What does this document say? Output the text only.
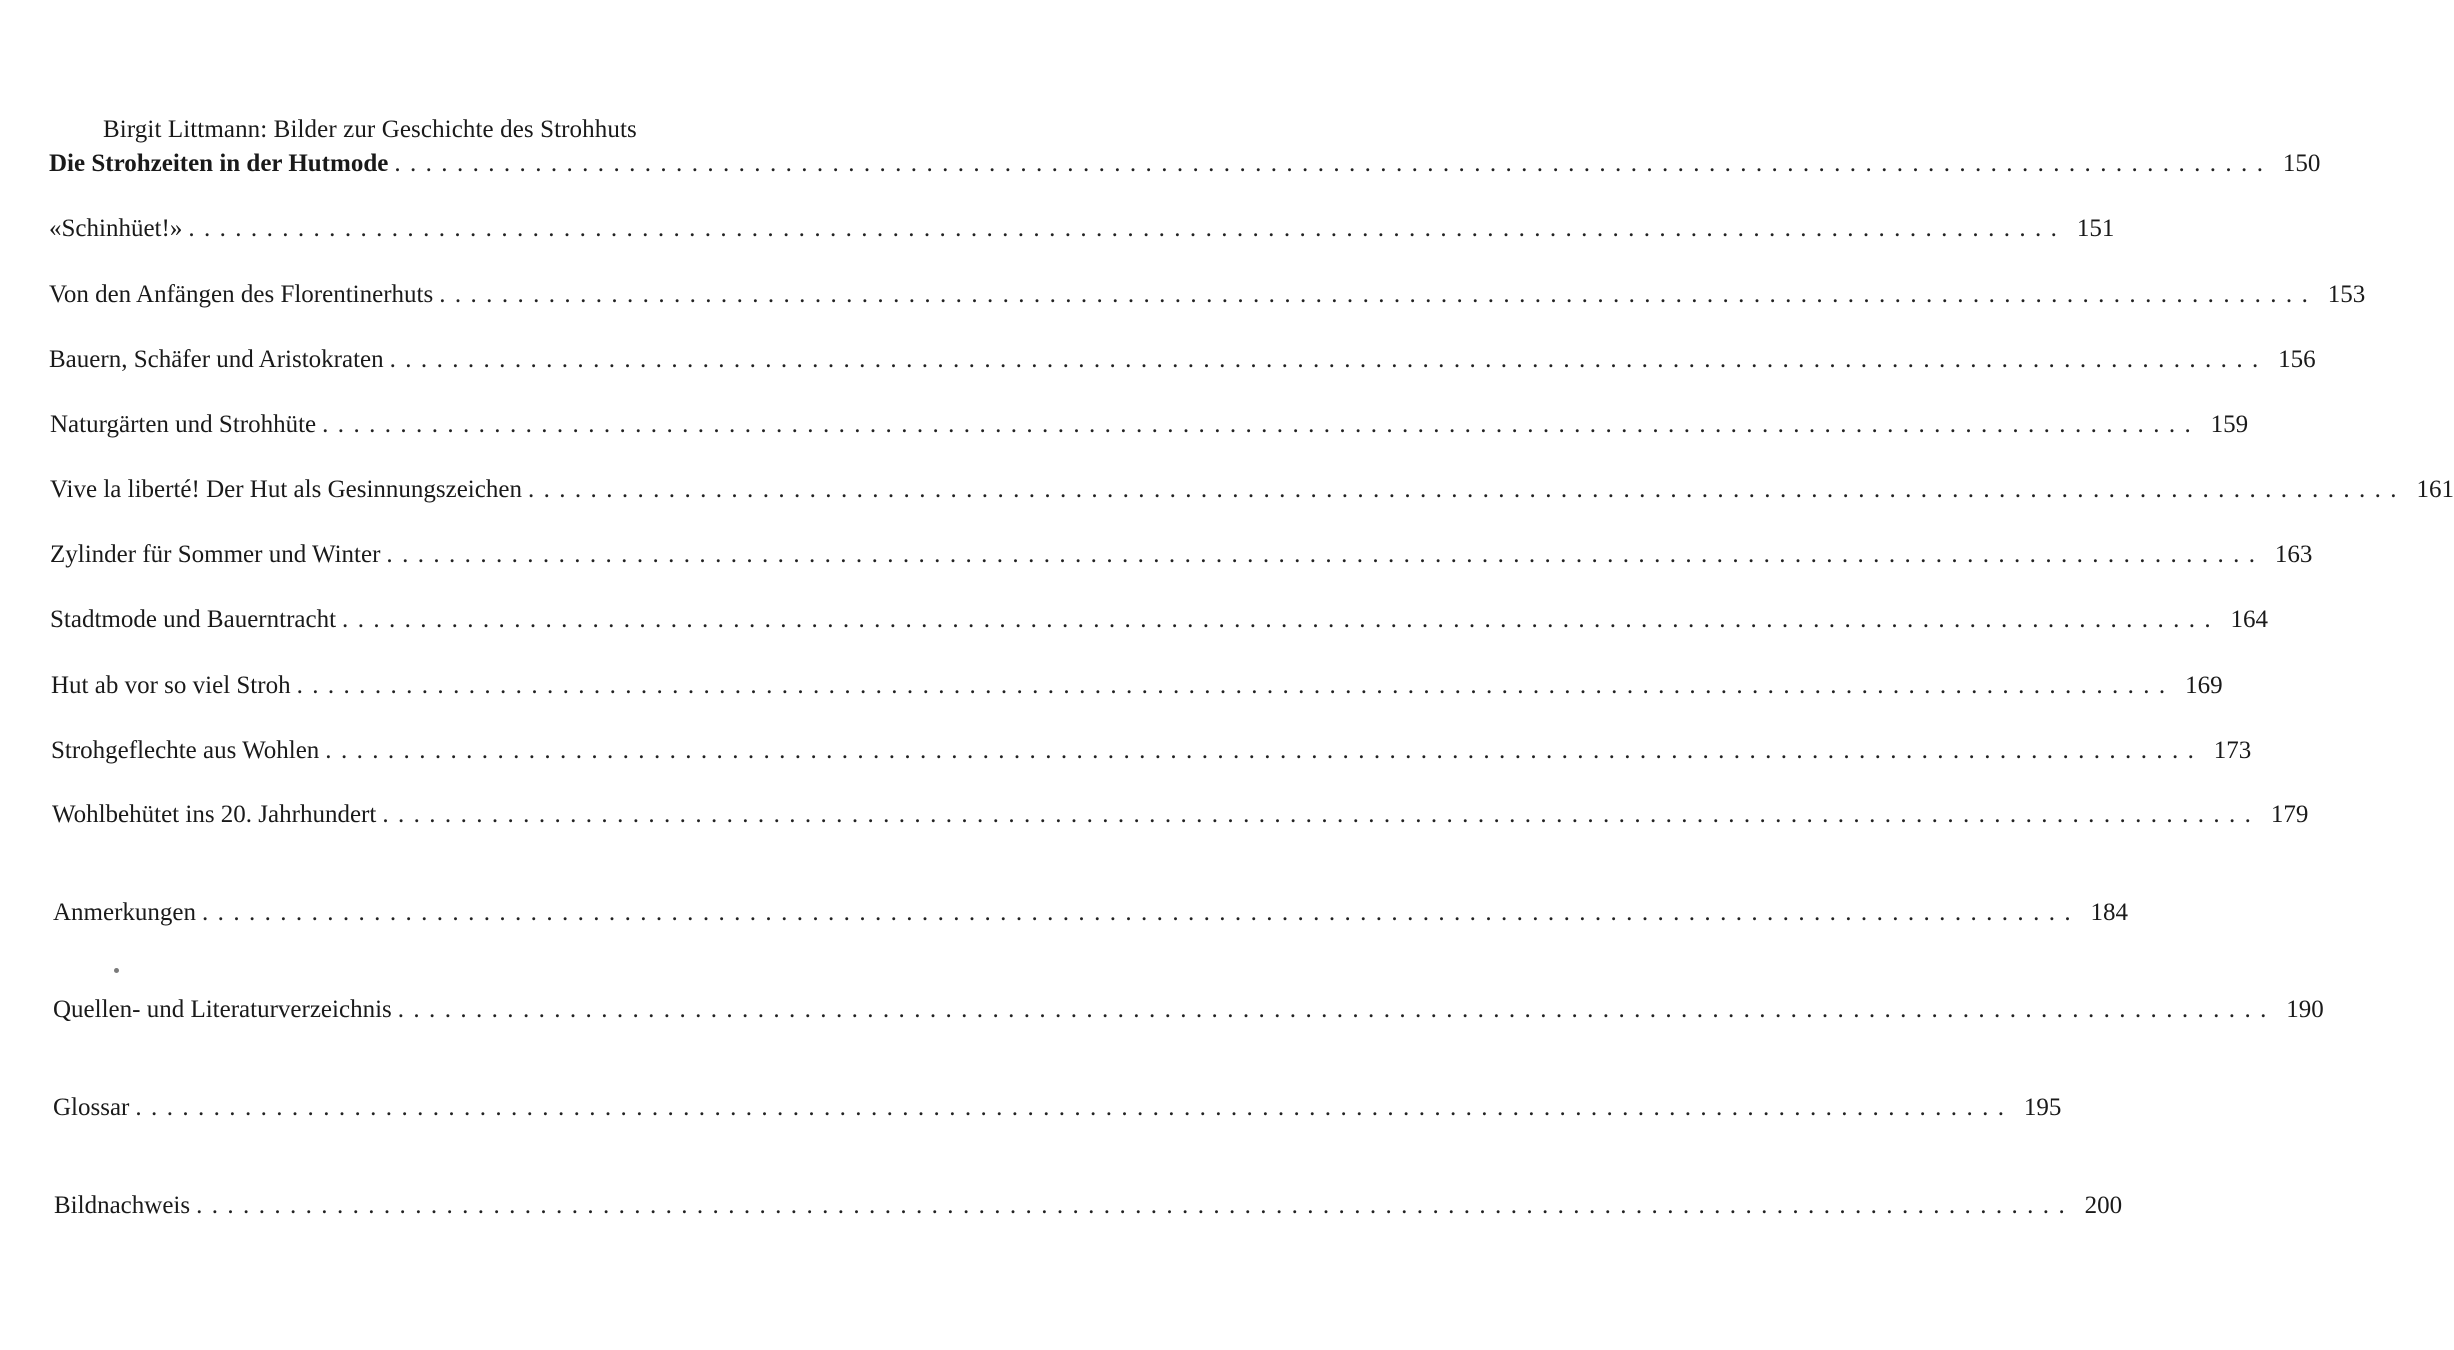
Birgit Littmann: Bilder zur Geschichte des Strohhuts
Die Strohzeiten in der Hutmode ........................................................................................................................ 150
«Schinhüet!» ........................................................................................................................ 151
Von den Anfängen des Florentinerhuts ........................................................................................................................ 153
Bauern, Schäfer und Aristokraten ........................................................................................................................ 156
Naturgärten und Strohhüte ........................................................................................................................ 159
Vive la liberté! Der Hut als Gesinnungszeichen ........................................................................................................................ 161
Zylinder für Sommer und Winter ........................................................................................................................ 163
Stadtmode und Bauerntracht ........................................................................................................................ 164
Hut ab vor so viel Stroh ........................................................................................................................ 169
Strohgeflechte aus Wohlen ........................................................................................................................ 173
Wohlbehütet ins 20. Jahrhundert ........................................................................................................................ 179
Anmerkungen ........................................................................................................................ 184
Quellen- und Literaturverzeichnis ........................................................................................................................ 190
Glossar ........................................................................................................................ 195
Bildnachweis ........................................................................................................................ 200
